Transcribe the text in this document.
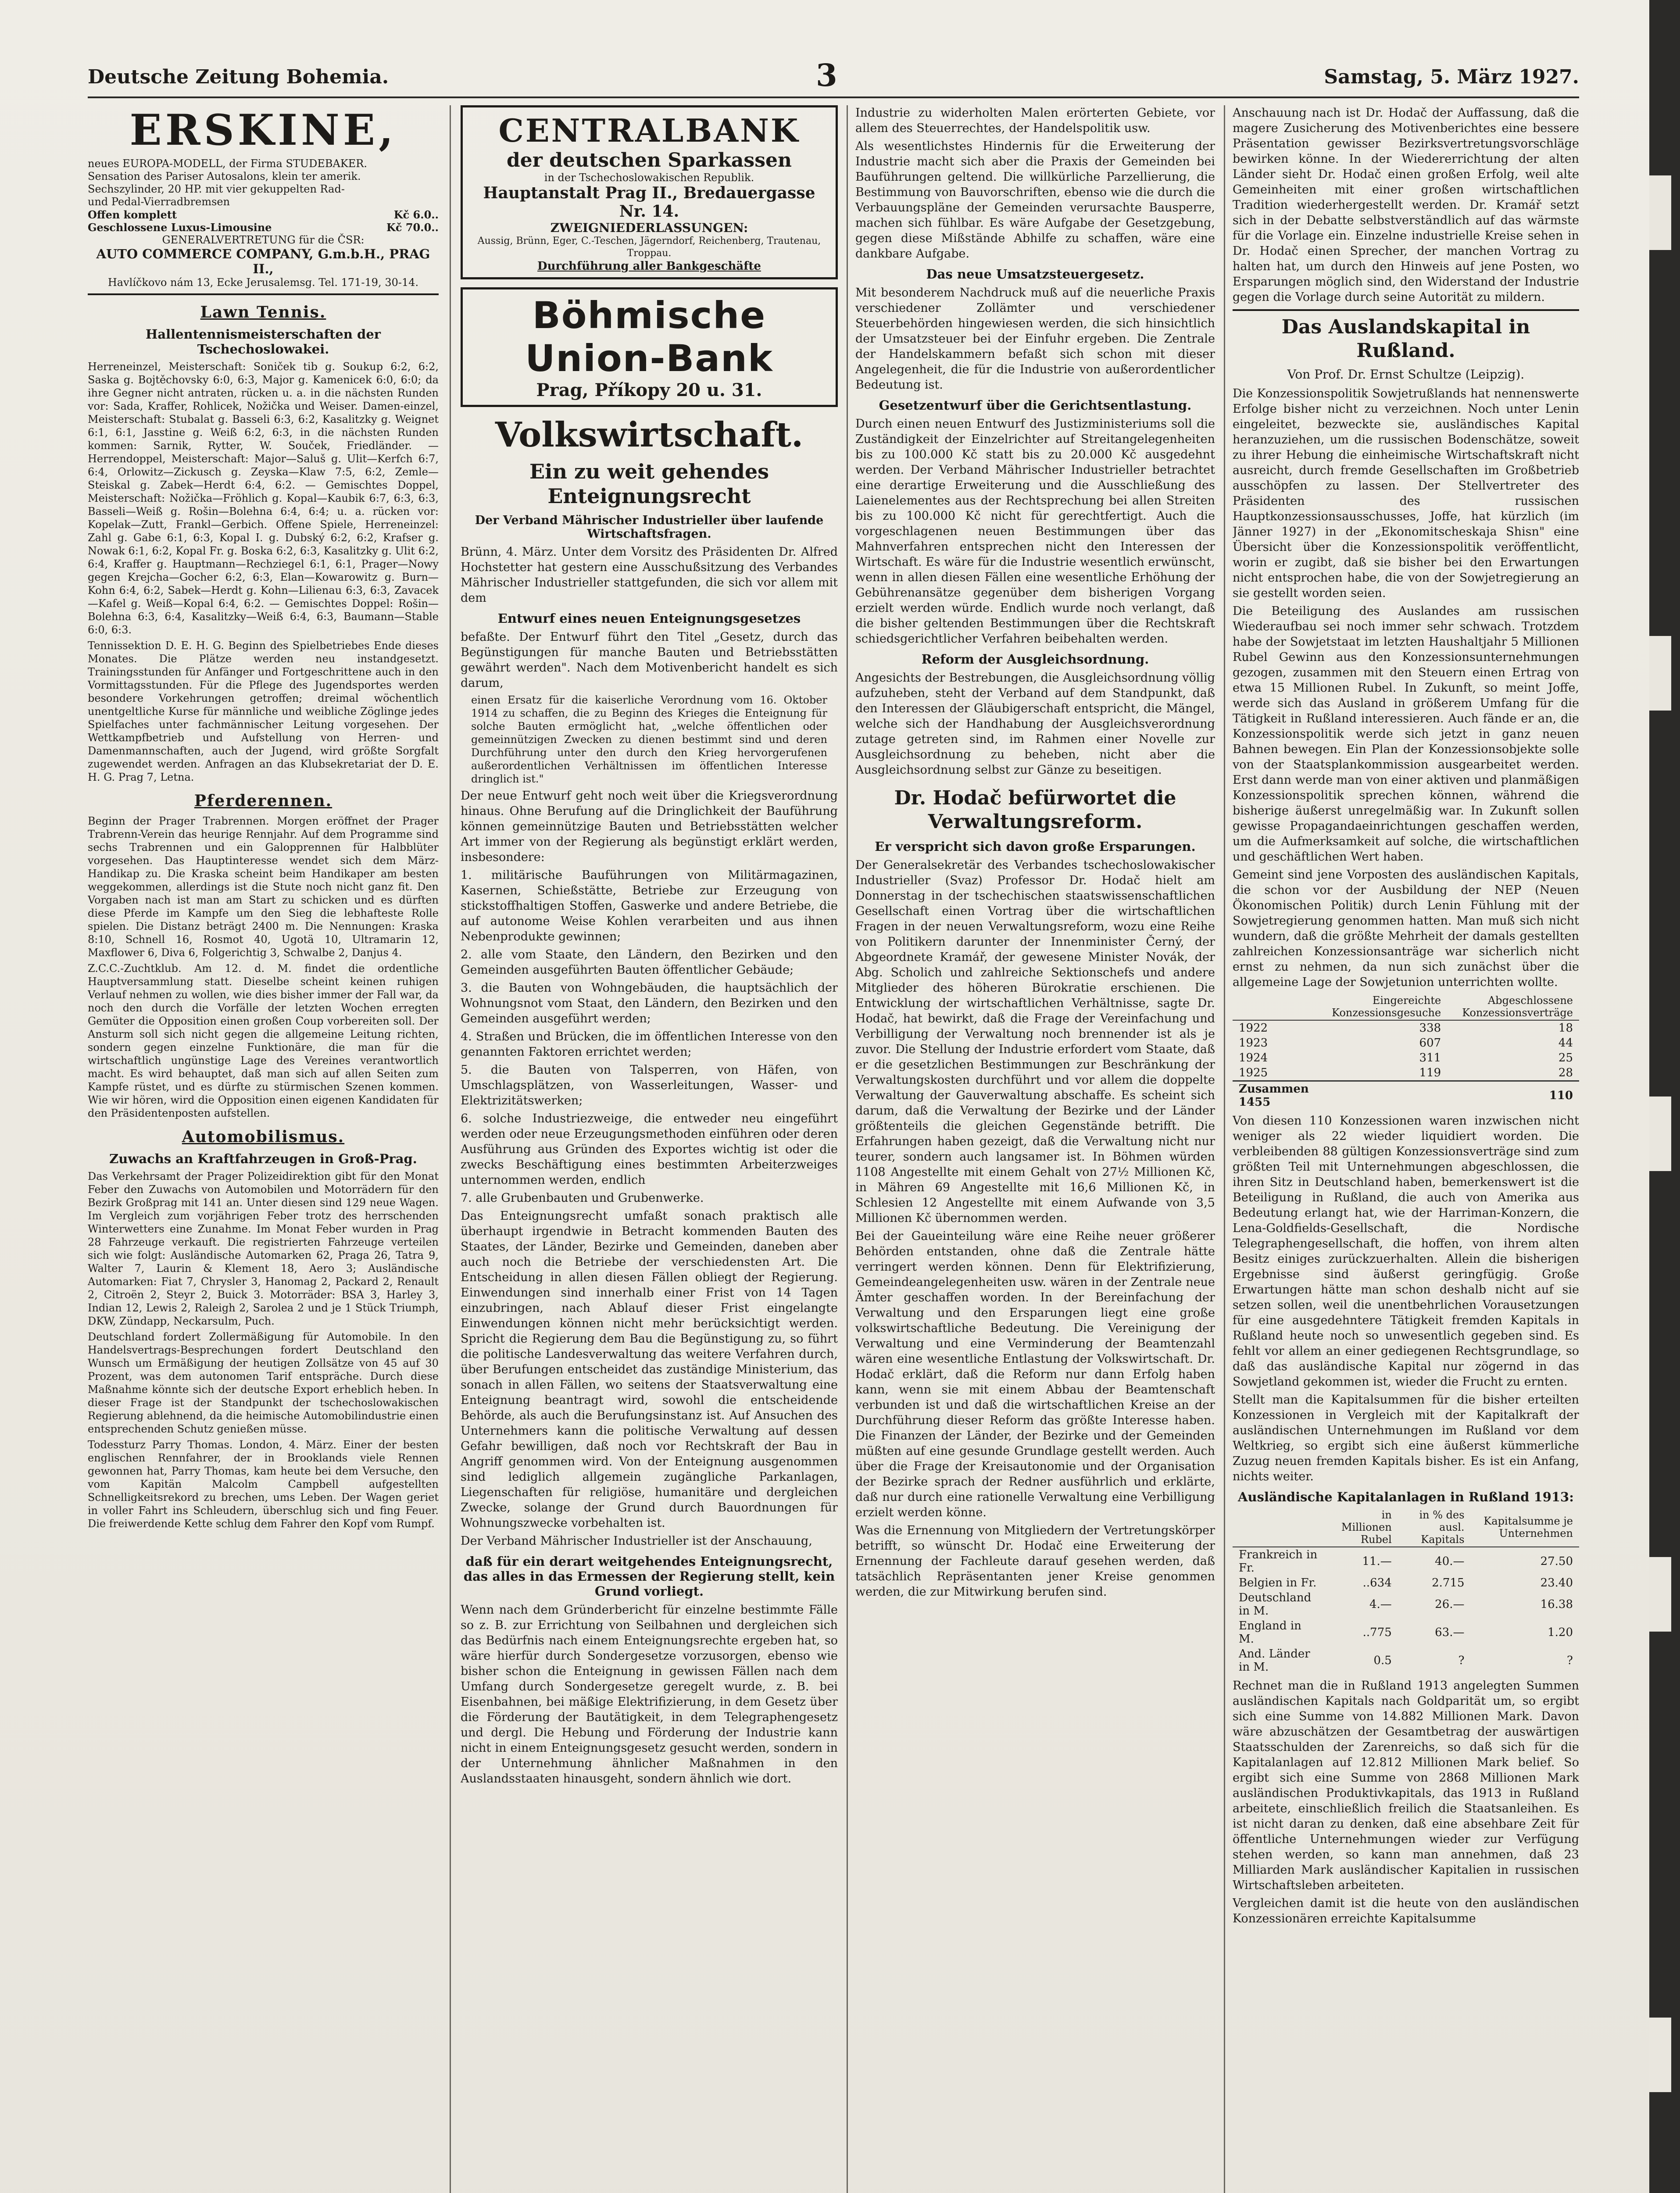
Deutsche Zeitung Bohemia.	3	Samstag, 5. März 1927.
ERSKINE,
neues EUROPA-MODELL, der Firma STUDEBAKER.
Sensation des Pariser Autosalons, klein ter amerik.
Sechszylinder, 20 HP. mit vier gekuppelten Rad-
und Pedal-Vierradbremsen
Offen komplett	Kč 6.0..
Geschlossene Luxus-Limousine	Kč 70.0..
GENERALVERTRETUNG für die ČSR:
AUTO COMMERCE COMPANY, G.m.b.H., PRAG II.,
Havlíčkovo nám 13, Ecke Jerusalemsg. Tel. 171-19, 30-14.
Lawn Tennis.
Hallentennismeisterschaften der Tschechoslowakei.

Herreneinzel, Meisterschaft: Soniček tib g. Soukup 6:2, 6:2, Saska g. Bojtěchovsky 6:0, 6:3, Major g. Kamenicek 6:0, 6:0; da ihre Gegner nicht antraten, rücken u. a. in die nächsten Runden vor: Sada, Kraffer, Rohlicek, Nožička und Weiser. Damen-einzel, Meisterschaft: Stubalat g. Basseli 6:3, 6:2, Kasalitzky g. Weignet 6:1, 6:1, Jasstine g. Weiß 6:2, 6:3, in die nächsten Runden kommen: Sarnik, Rytter, W. Souček, Friedländer. — Herrendoppel, Meisterschaft: Major—Saluš g. Ulit—Kerfch 6:7, 6:4, Orlowitz—Zickusch g. Zeyska—Klaw 7:5, 6:2, Zemle—Steiskal g. Zabek—Herdt 6:4, 6:2. — Gemischtes Doppel, Meisterschaft: Nožička—Fröhlich g. Kopal—Kaubik 6:7, 6:3, 6:3, Basseli—Weiß g. Rošin—Bolehna 6:4, 6:4; u. a. rücken vor: Kopelak—Zutt, Frankl—Gerbich. Offene Spiele, Herreneinzel: Zahl g. Gabe 6:1, 6:3, Kopal I. g. Dubský 6:2, 6:2, Krafser g. Nowak 6:1, 6:2, Kopal Fr. g. Boska 6:2, 6:3, Kasalitzky g. Ulit 6:2, 6:4, Kraffer g. Hauptmann—Rechziegel 6:1, 6:1, Prager—Nowy gegen Krejcha—Gocher 6:2, 6:3, Elan—Kowarowitz g. Burn—Kohn 6:4, 6:2, Sabek—Herdt g. Kohn—Lilienau 6:3, 6:3, Zavacek—Kafel g. Weiß—Kopal 6:4, 6:2. — Gemischtes Doppel: Rošin—Bolehna 6:3, 6:4, Kasalitzky—Weiß 6:4, 6:3, Baumann—Stable 6:0, 6:3.

Tennissektion D. E. H. G. Beginn des Spielbetriebes Ende dieses Monates. Die Plätze werden neu instandgesetzt. Trainingsstunden für Anfänger und Fortgeschrittene auch in den Vormittagsstunden. Für die Pflege des Jugendsportes werden besondere Vorkehrungen getroffen; dreimal wöchentlich unentgeltliche Kurse für männliche und weibliche Zöglinge jedes Spielfaches unter fachmännischer Leitung vorgesehen. Der Wettkampfbetrieb und Aufstellung von Herren- und Damenmannschaften, auch der Jugend, wird größte Sorgfalt zugewendet werden. Anfragen an das Klubsekretariat der D. E. H. G. Prag 7, Letna.

Pferderennen.

Beginn der Prager Trabrennen. Morgen eröffnet der Prager Trabrenn-Verein das heurige Rennjahr. Auf dem Programme sind sechs Trabrennen und ein Galopprennen für Halbblüter vorgesehen. Das Hauptinteresse wendet sich dem März-Handikap zu. Die Kraska scheint beim Handikaper am besten weggekommen, allerdings ist die Stute noch nicht ganz fit. Den Vorgaben nach ist man am Start zu schicken und es dürften diese Pferde im Kampfe um den Sieg die lebhafteste Rolle spielen. Die Distanz beträgt 2400 m. Die Nennungen: Kraska 8:10, Schnell 16, Rosmot 40, Ugotä 10, Ultramarin 12, Maxflower 6, Diva 6, Folgerichtig 3, Schwalbe 2, Danjus 4.

Z.C.C.-Zuchtklub. Am 12. d. M. findet die ordentliche Hauptversammlung statt. Dieselbe scheint keinen ruhigen Verlauf nehmen zu wollen, wie dies bisher immer der Fall war, da noch den durch die Vorfälle der letzten Wochen erregten Gemüter die Opposition einen großen Coup vorbereiten soll. Der Ansturm soll sich nicht gegen die allgemeine Leitung richten, sondern gegen einzelne Funktionäre, die man für die wirtschaftlich ungünstige Lage des Vereines verantwortlich macht. Es wird behauptet, daß man sich auf allen Seiten zum Kampfe rüstet, und es dürfte zu stürmischen Szenen kommen. Wie wir hören, wird die Opposition einen eigenen Kandidaten für den Präsidentenposten aufstellen.

Automobilismus.
Zuwachs an Kraftfahrzeugen in Groß-Prag.

Das Verkehrsamt der Prager Polizeidirektion gibt für den Monat Feber den Zuwachs von Automobilen und Motorrädern für den Bezirk Großprag mit 141 an. Unter diesen sind 129 neue Wagen. Im Vergleich zum vorjährigen Feber trotz des herrschenden Winterwetters eine Zunahme. Im Monat Feber wurden in Prag 28 Fahrzeuge verkauft. Die registrierten Fahrzeuge verteilen sich wie folgt: Ausländische Automarken 62, Praga 26, Tatra 9, Walter 7, Laurin & Klement 18, Aero 3; Ausländische Automarken: Fiat 7, Chrysler 3, Hanomag 2, Packard 2, Renault 2, Citroën 2, Steyr 2, Buick 3. Motorräder: BSA 3, Harley 3, Indian 12, Lewis 2, Raleigh 2, Sarolea 2 und je 1 Stück Triumph, DKW, Zündapp, Neckarsulm, Puch.

Deutschland fordert Zollermäßigung für Automobile. In den Handelsvertrags-Besprechungen fordert Deutschland den Wunsch um Ermäßigung der heutigen Zollsätze von 45 auf 30 Prozent, was dem autonomen Tarif entspräche. Durch diese Maßnahme könnte sich der deutsche Export erheblich heben. In dieser Frage ist der Standpunkt der tschechoslowakischen Regierung ablehnend, da die heimische Automobilindustrie einen entsprechenden Schutz genießen müsse.

Todessturz Parry Thomas. London, 4. März. Einer der besten englischen Rennfahrer, der in Brooklands viele Rennen gewonnen hat, Parry Thomas, kam heute bei dem Versuche, den vom Kapitän Malcolm Campbell aufgestellten Schnelligkeitsrekord zu brechen, ums Leben. Der Wagen geriet in voller Fahrt ins Schleudern, überschlug sich und fing Feuer. Die freiwerdende Kette schlug dem Fahrer den Kopf vom Rumpf.

CENTRALBANK
der deutschen Sparkassen
in der Tschechoslowakischen Republik.
Hauptanstalt Prag II., Bredauergasse Nr. 14.
ZWEIGNIEDERLASSUNGEN:
Aussig, Brünn, Eger, C.-Teschen, Jägerndorf, Reichenberg, Trautenau, Troppau.
Durchführung aller Bankgeschäfte
Böhmische Union-Bank
Prag, Příkopy 20 u. 31.
Volkswirtschaft.
Ein zu weit gehendes Enteignungsrecht
Der Verband Mährischer Industrieller über laufende Wirtschaftsfragen.

Brünn, 4. März. Unter dem Vorsitz des Präsidenten Dr. Alfred Hochstetter hat gestern eine Ausschußsitzung des Verbandes Mährischer Industrieller stattgefunden, die sich vor allem mit dem

Entwurf eines neuen Enteignungsgesetzes

befaßte. Der Entwurf führt den Titel „Gesetz, durch das Begünstigungen für manche Bauten und Betriebsstätten gewährt werden". Nach dem Motivenbericht handelt es sich darum,

einen Ersatz für die kaiserliche Verordnung vom 16. Oktober 1914 zu schaffen, die zu Beginn des Krieges die Enteignung für solche Bauten ermöglicht hat, „welche öffentlichen oder gemeinnützigen Zwecken zu dienen bestimmt sind und deren Durchführung unter den durch den Krieg hervorgerufenen außerordentlichen Verhältnissen im öffentlichen Interesse dringlich ist."

Der neue Entwurf geht noch weit über die Kriegsverordnung hinaus. Ohne Berufung auf die Dringlichkeit der Bauführung können gemeinnützige Bauten und Betriebsstätten welcher Art immer von der Regierung als begünstigt erklärt werden, insbesondere:

1. militärische Bauführungen von Militärmagazinen, Kasernen, Schießstätte, Betriebe zur Erzeugung von stickstoffhaltigen Stoffen, Gaswerke und andere Betriebe, die auf autonome Weise Kohlen verarbeiten und aus ihnen Nebenprodukte gewinnen;

2. alle vom Staate, den Ländern, den Bezirken und den Gemeinden ausgeführten Bauten öffentlicher Gebäude;

3. die Bauten von Wohngebäuden, die hauptsächlich der Wohnungsnot vom Staat, den Ländern, den Bezirken und den Gemeinden ausgeführt werden;

4. Straßen und Brücken, die im öffentlichen Interesse von den genannten Faktoren errichtet werden;

5. die Bauten von Talsperren, von Häfen, von Umschlagsplätzen, von Wasserleitungen, Wasser- und Elektrizitätswerken;

6. solche Industriezweige, die entweder neu eingeführt werden oder neue Erzeugungsmethoden einführen oder deren Ausführung aus Gründen des Exportes wichtig ist oder die zwecks Beschäftigung eines bestimmten Arbeiterzweiges unternommen werden, endlich

7. alle Grubenbauten und Grubenwerke.

Das Enteignungsrecht umfaßt sonach praktisch alle überhaupt irgendwie in Betracht kommenden Bauten des Staates, der Länder, Bezirke und Gemeinden, daneben aber auch noch die Betriebe der verschiedensten Art. Die Entscheidung in allen diesen Fällen obliegt der Regierung. Einwendungen sind innerhalb einer Frist von 14 Tagen einzubringen, nach Ablauf dieser Frist eingelangte Einwendungen können nicht mehr berücksichtigt werden. Spricht die Regierung dem Bau die Begünstigung zu, so führt die politische Landesverwaltung das weitere Verfahren durch, über Berufungen entscheidet das zuständige Ministerium, das sonach in allen Fällen, wo seitens der Staatsverwaltung eine Enteignung beantragt wird, sowohl die entscheidende Behörde, als auch die Berufungsinstanz ist. Auf Ansuchen des Unternehmers kann die politische Verwaltung auf dessen Gefahr bewilligen, daß noch vor Rechtskraft der Bau in Angriff genommen wird. Von der Enteignung ausgenommen sind lediglich allgemein zugängliche Parkanlagen, Liegenschaften für religiöse, humanitäre und dergleichen Zwecke, solange der Grund durch Bauordnungen für Wohnungszwecke vorbehalten ist.

Der Verband Mährischer Industrieller ist der Anschauung,

daß für ein derart weitgehendes Enteignungsrecht, das alles in das Ermessen der Regierung stellt, kein Grund vorliegt.

Wenn nach dem Gründerbericht für einzelne bestimmte Fälle so z. B. zur Errichtung von Seilbahnen und dergleichen sich das Bedürfnis nach einem Enteignungsrechte ergeben hat, so wäre hierfür durch Sondergesetze vorzusorgen, ebenso wie bisher schon die Enteignung in gewissen Fällen nach dem Umfang durch Sondergesetze geregelt wurde, z. B. bei Eisenbahnen, bei mäßige Elektrifizierung, in dem Gesetz über die Förderung der Bautätigkeit, in dem Telegraphengesetz und dergl. Die Hebung und Förderung der Industrie kann nicht in einem Enteignungsgesetz gesucht werden, sondern in der Unternehmung ähnlicher Maßnahmen in den Auslandsstaaten hinausgeht, sondern ähnlich wie dort.

Industrie zu widerholten Malen erörterten Gebiete, vor allem des Steuerrechtes, der Handelspolitik usw.

Als wesentlichstes Hindernis für die Erweiterung der Industrie macht sich aber die Praxis der Gemeinden bei Bauführungen geltend. Die willkürliche Parzellierung, die Bestimmung von Bauvorschriften, ebenso wie die durch die Verbauungspläne der Gemeinden verursachte Bausperre, machen sich fühlbar. Es wäre Aufgabe der Gesetzgebung, gegen diese Mißstände Abhilfe zu schaffen, wäre eine dankbare Aufgabe.

Das neue Umsatzsteuergesetz.

Mit besonderem Nachdruck muß auf die neuerliche Praxis verschiedener Zollämter und verschiedener Steuerbehörden hingewiesen werden, die sich hinsichtlich der Umsatzsteuer bei der Einfuhr ergeben. Die Zentrale der Handelskammern befaßt sich schon mit dieser Angelegenheit, die für die Industrie von außerordentlicher Bedeutung ist.

Gesetzentwurf über die Gerichtsentlastung.

Durch einen neuen Entwurf des Justizministeriums soll die Zuständigkeit der Einzelrichter auf Streitangelegenheiten bis zu 100.000 Kč statt bis zu 20.000 Kč ausgedehnt werden. Der Verband Mährischer Industrieller betrachtet eine derartige Erweiterung und die Ausschließung des Laienelementes aus der Rechtsprechung bei allen Streiten bis zu 100.000 Kč nicht für gerechtfertigt. Auch die vorgeschlagenen neuen Bestimmungen über das Mahnverfahren entsprechen nicht den Interessen der Wirtschaft. Es wäre für die Industrie wesentlich erwünscht, wenn in allen diesen Fällen eine wesentliche Erhöhung der Gebührenansätze gegenüber dem bisherigen Vorgang erzielt werden würde. Endlich wurde noch verlangt, daß die bisher geltenden Bestimmungen über die Rechtskraft schiedsgerichtlicher Verfahren beibehalten werden.

Reform der Ausgleichsordnung.

Angesichts der Bestrebungen, die Ausgleichsordnung völlig aufzuheben, steht der Verband auf dem Standpunkt, daß den Interessen der Gläubigerschaft entspricht, die Mängel, welche sich der Handhabung der Ausgleichsverordnung zutage getreten sind, im Rahmen einer Novelle zur Ausgleichsordnung zu beheben, nicht aber die Ausgleichsordnung selbst zur Gänze zu beseitigen.

Dr. Hodač befürwortet die Verwaltungsreform.
Er verspricht sich davon große Ersparungen.

Der Generalsekretär des Verbandes tschechoslowakischer Industrieller (Svaz) Professor Dr. Hodač hielt am Donnerstag in der tschechischen staatswissenschaftlichen Gesellschaft einen Vortrag über die wirtschaftlichen Fragen in der neuen Verwaltungsreform, wozu eine Reihe von Politikern darunter der Innenminister Černý, der Abgeordnete Kramář, der gewesene Minister Novák, der Abg. Scholich und zahlreiche Sektionschefs und andere Mitglieder des höheren Bürokratie erschienen. Die Entwicklung der wirtschaftlichen Verhältnisse, sagte Dr. Hodač, hat bewirkt, daß die Frage der Vereinfachung und Verbilligung der Verwaltung noch brennender ist als je zuvor. Die Stellung der Industrie erfordert vom Staate, daß er die gesetzlichen Bestimmungen zur Beschränkung der Verwaltungskosten durchführt und vor allem die doppelte Verwaltung der Gauverwaltung abschaffe. Es scheint sich darum, daß die Verwaltung der Bezirke und der Länder größtenteils die gleichen Gegenstände betrifft. Die Erfahrungen haben gezeigt, daß die Verwaltung nicht nur teurer, sondern auch langsamer ist. In Böhmen würden 1108 Angestellte mit einem Gehalt von 27½ Millionen Kč, in Mähren 69 Angestellte mit 16,6 Millionen Kč, in Schlesien 12 Angestellte mit einem Aufwande von 3,5 Millionen Kč übernommen werden.

Bei der Gaueinteilung wäre eine Reihe neuer größerer Behörden entstanden, ohne daß die Zentrale hätte verringert werden können. Denn für Elektrifizierung, Gemeindeangelegenheiten usw. wären in der Zentrale neue Ämter geschaffen worden. In der Bereinfachung der Verwaltung und den Ersparungen liegt eine große volkswirtschaftliche Bedeutung. Die Vereinigung der Verwaltung und eine Verminderung der Beamtenzahl wären eine wesentliche Entlastung der Volkswirtschaft. Dr. Hodač erklärt, daß die Reform nur dann Erfolg haben kann, wenn sie mit einem Abbau der Beamtenschaft verbunden ist und daß die wirtschaftlichen Kreise an der Durchführung dieser Reform das größte Interesse haben. Die Finanzen der Länder, der Bezirke und der Gemeinden müßten auf eine gesunde Grundlage gestellt werden. Auch über die Frage der Kreisautonomie und der Organisation der Bezirke sprach der Redner ausführlich und erklärte, daß nur durch eine rationelle Verwaltung eine Verbilligung erzielt werden könne.

Was die Ernennung von Mitgliedern der Vertretungskörper betrifft, so wünscht Dr. Hodač eine Erweiterung der Ernennung der Fachleute darauf gesehen werden, daß tatsächlich Repräsentanten jener Kreise genommen werden, die zur Mitwirkung berufen sind.

Anschauung nach ist Dr. Hodač der Auffassung, daß die magere Zusicherung des Motivenberichtes eine bessere Präsentation gewisser Bezirksvertretungsvorschläge bewirken könne. In der Wiedererrichtung der alten Länder sieht Dr. Hodač einen großen Erfolg, weil alte Gemeinheiten mit einer großen wirtschaftlichen Tradition wiederhergestellt werden. Dr. Kramář setzt sich in der Debatte selbstverständlich auf das wärmste für die Vorlage ein. Einzelne industrielle Kreise sehen in Dr. Hodač einen Sprecher, der manchen Vortrag zu halten hat, um durch den Hinweis auf jene Posten, wo Ersparungen möglich sind, den Widerstand der Industrie gegen die Vorlage durch seine Autorität zu mildern.

Das Auslandskapital in Rußland.
Von Prof. Dr. Ernst Schultze (Leipzig).

Die Konzessionspolitik Sowjetrußlands hat nennenswerte Erfolge bisher nicht zu verzeichnen. Noch unter Lenin eingeleitet, bezweckte sie, ausländisches Kapital heranzuziehen, um die russischen Bodenschätze, soweit zu ihrer Hebung die einheimische Wirtschaftskraft nicht ausreicht, durch fremde Gesellschaften im Großbetrieb ausschöpfen zu lassen. Der Stellvertreter des Präsidenten des russischen Hauptkonzessionsausschusses, Joffe, hat kürzlich (im Jänner 1927) in der „Ekonomitscheskaja Shisn" eine Übersicht über die Konzessionspolitik veröffentlicht, worin er zugibt, daß sie bisher bei den Erwartungen nicht entsprochen habe, die von der Sowjetregierung an sie gestellt worden seien.

Die Beteiligung des Auslandes am russischen Wiederaufbau sei noch immer sehr schwach. Trotzdem habe der Sowjetstaat im letzten Haushaltjahr 5 Millionen Rubel Gewinn aus den Konzessionsunternehmungen gezogen, zusammen mit den Steuern einen Ertrag von etwa 15 Millionen Rubel. In Zukunft, so meint Joffe, werde sich das Ausland in größerem Umfang für die Tätigkeit in Rußland interessieren. Auch fände er an, die Konzessionspolitik werde sich jetzt in ganz neuen Bahnen bewegen. Ein Plan der Konzessionsobjekte solle von der Staatsplankommission ausgearbeitet werden. Erst dann werde man von einer aktiven und planmäßigen Konzessionspolitik sprechen können, während die bisherige äußerst unregelmäßig war. In Zukunft sollen gewisse Propagandaeinrichtungen geschaffen werden, um die Aufmerksamkeit auf solche, die wirtschaftlichen und geschäftlichen Wert haben.

Gemeint sind jene Vorposten des ausländischen Kapitals, die schon vor der Ausbildung der NEP (Neuen Ökonomischen Politik) durch Lenin Fühlung mit der Sowjetregierung genommen hatten. Man muß sich nicht wundern, daß die größte Mehrheit der damals gestellten zahlreichen Konzessionsanträge war sicherlich nicht ernst zu nehmen, da nun sich zunächst über die allgemeine Lage der Sowjetunion unterrichten wollte.

	Eingereichte Konzessionsgesuche	Abgeschlossene Konzessionsverträge
1922	338	18
1923	607	44
1924	311	25
1925	119	28
Zusammen 1455		110

Von diesen 110 Konzessionen waren inzwischen nicht weniger als 22 wieder liquidiert worden. Die verbleibenden 88 gültigen Konzessionsverträge sind zum größten Teil mit Unternehmungen abgeschlossen, die ihren Sitz in Deutschland haben, bemerkenswert ist die Beteiligung in Rußland, die auch von Amerika aus Bedeutung erlangt hat, wie der Harriman-Konzern, die Lena-Goldfields-Gesellschaft, die Nordische Telegraphengesellschaft, die hoffen, von ihrem alten Besitz einiges zurückzuerhalten. Allein die bisherigen Ergebnisse sind äußerst geringfügig. Große Erwartungen hätte man schon deshalb nicht auf sie setzen sollen, weil die unentbehrlichen Vorausetzungen für eine ausgedehntere Tätigkeit fremden Kapitals in Rußland heute noch so unwesentlich gegeben sind. Es fehlt vor allem an einer gediegenen Rechtsgrundlage, so daß das ausländische Kapital nur zögernd in das Sowjetland gekommen ist, wieder die Frucht zu ernten.

Stellt man die Kapitalsummen für die bisher erteilten Konzessionen in Vergleich mit der Kapitalkraft der ausländischen Unternehmungen im Rußland vor dem Weltkrieg, so ergibt sich eine äußerst kümmerliche Zuzug neuen fremden Kapitals bisher. Es ist ein Anfang, nichts weiter.

Ausländische Kapitalanlagen in Rußland 1913:
	in Millionen Rubel	in % des ausl. Kapitals	Kapitalsumme je Unternehmen
Frankreich in Fr.	11.—	40.—	27.50
Belgien in Fr.	..634	2.715	23.40
Deutschland in M.	4.—	26.—	16.38
England in M.	..775	63.—	1.20
And. Länder in M.	0.5	?	?

Rechnet man die in Rußland 1913 angelegten Summen ausländischen Kapitals nach Goldparität um, so ergibt sich eine Summe von 14.882 Millionen Mark. Davon wäre abzuschätzen der Gesamtbetrag der auswärtigen Staatsschulden der Zarenreichs, so daß sich für die Kapitalanlagen auf 12.812 Millionen Mark belief. So ergibt sich eine Summe von 2868 Millionen Mark ausländischen Produktivkapitals, das 1913 in Rußland arbeitete, einschließlich freilich die Staatsanleihen. Es ist nicht daran zu denken, daß eine absehbare Zeit für öffentliche Unternehmungen wieder zur Verfügung stehen werden, so kann man annehmen, daß 23 Milliarden Mark ausländischer Kapitalien in russischen Wirtschaftsleben arbeiteten.

Vergleichen damit ist die heute von den ausländischen Konzessionären erreichte Kapitalsumme
